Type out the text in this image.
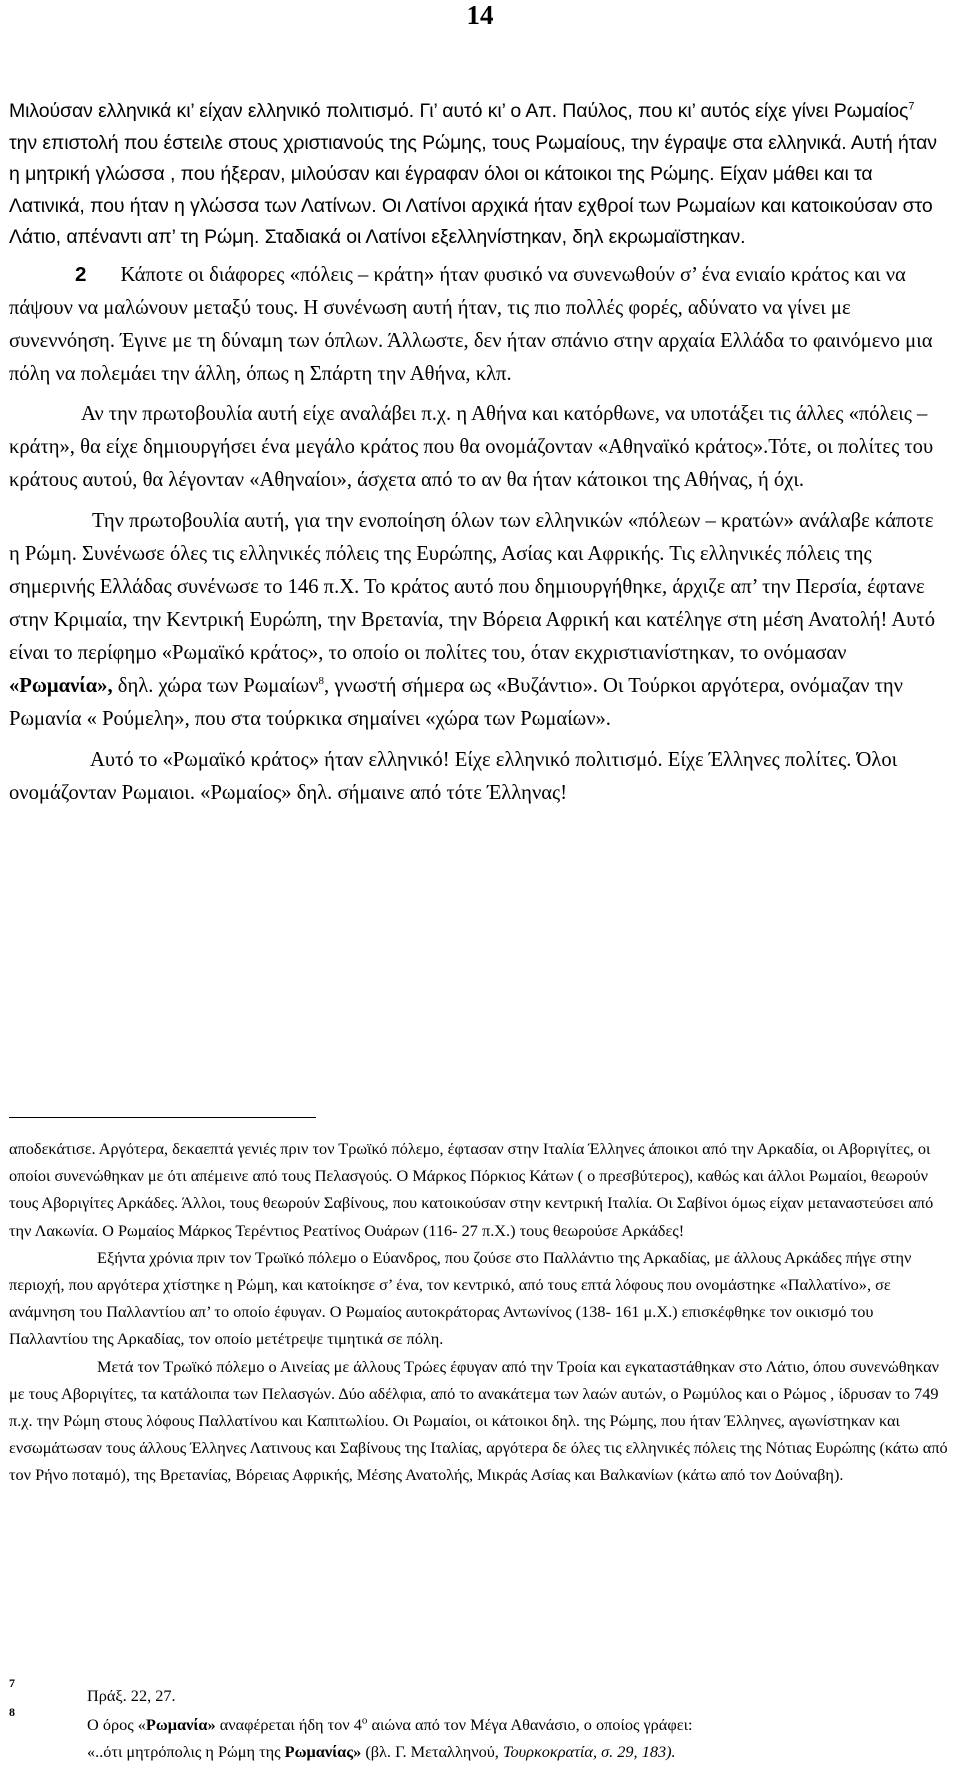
14

Μιλούσαν ελληνικά κι’ είχαν ελληνικό πολιτισμό. Γι’ αυτό κι’ ο Απ. Παύλος, που κι’ αυτός είχε γίνει Ρωμαίος$^7$ την επιστολή που έστειλε στους χριστιανούς της Ρώμης, τους Ρωμαίους, την έγραψε στα ελληνικά. Αυτή ήταν η μητρική γλώσσα , που ήξεραν, μιλούσαν και έγραφαν όλοι οι κάτοικοι της Ρώμης. Είχαν μάθει και τα Λατινικά, που ήταν η γλώσσα των Λατίνων. Οι Λατίνοι αρχικά ήταν εχθροί των Ρωμαίων και κατοικούσαν στο Λάτιο, απέναντι απ’ τη Ρώμη. Σταδιακά οι Λατίνοι εξελληνίστηκαν, δηλ εκρωμαϊστηκαν.

2 Κάποτε οι διάφορες «πόλεις – κράτη» ήταν φυσικό να συνενωθούν σ’ ένα ενιαίο κράτος και να πάψουν να μαλώνουν μεταξύ τους. Η συνένωση αυτή ήταν, τις πιο πολλές φορές, αδύνατο να γίνει με συνεννόηση. Έγινε με τη δύναμη των όπλων. Άλλωστε, δεν ήταν σπάνιο στην αρχαία Ελλάδα το φαινόμενο μια πόλη να πολεμάει την άλλη, όπως η Σπάρτη την Αθήνα, κλπ.

Αν την πρωτοβουλία αυτή είχε αναλάβει π.χ. η Αθήνα και κατόρθωνε, να υποτάξει τις άλλες «πόλεις – κράτη», θα είχε δημιουργήσει ένα μεγάλο κράτος που θα ονομάζονταν «Αθηναϊκό κράτος».Τότε, οι πολίτες του κράτους αυτού, θα λέγονταν «Αθηναίοι», άσχετα από το αν θα ήταν κάτοικοι της Αθήνας, ή όχι.

Την πρωτοβουλία αυτή, για την ενοποίηση όλων των ελληνικών «πόλεων – κρατών» ανάλαβε κάποτε η Ρώμη. Συνένωσε όλες τις ελληνικές πόλεις της Ευρώπης, Ασίας και Αφρικής. Τις ελληνικές πόλεις της σημερινής Ελλάδας συνένωσε το 146 π.Χ. Το κράτος αυτό που δημιουργήθηκε, άρχιζε απ’ την Περσία, έφτανε στην Κριμαία, την Κεντρική Ευρώπη, την Βρετανία, την Βόρεια Αφρική και κατέληγε στη μέση Ανατολή! Αυτό είναι το περίφημο «Ρωμαϊκό κράτος», το οποίο οι πολίτες του, όταν εκχριστιανίστηκαν, το ονόμασαν «Ρωμανία», δηλ. χώρα των Ρωμαίων$^8$, γνωστή σήμερα ως «Βυζάντιο». Οι Τούρκοι αργότερα, ονόμαζαν την Ρωμανία « Ρούμελη», που στα τούρκικα σημαίνει «χώρα των Ρωμαίων».

Αυτό το «Ρωμαϊκό κράτος» ήταν ελληνικό! Είχε ελληνικό πολιτισμό. Είχε Έλληνες πολίτες. Όλοι ονομάζονταν Ρωμαιοι. «Ρωμαίος» δηλ. σήμαινε από τότε Έλληνας!

αποδεκάτισε. Αργότερα, δεκαεπτά γενιές πριν τον Τρωϊκό πόλεμο, έφτασαν στην Ιταλία Έλληνες άποικοι από την Αρκαδία, οι Αβοριγίτες, οι οποίοι συνενώθηκαν με ότι απέμεινε από τους Πελασγούς. Ο Μάρκος Πόρκιος Κάτων ( ο πρεσβύτερος), καθώς και άλλοι Ρωμαίοι, θεωρούν τους Αβοριγίτες Αρκάδες. Άλλοι, τους θεωρούν Σαβίνους, που κατοικούσαν στην κεντρική Ιταλία. Οι Σαβίνοι όμως είχαν μεταναστεύσει από την Λακωνία. Ο Ρωμαίος Μάρκος Τερέντιος Ρεατίνος Ουάρων (116- 27 π.Χ.) τους θεωρούσε Αρκάδες!

Εξήντα χρόνια πριν τον Τρωϊκό πόλεμο ο Εύανδρος, που ζούσε στο Παλλάντιο της Αρκαδίας, με άλλους Αρκάδες πήγε στην περιοχή, που αργότερα χτίστηκε η Ρώμη, και κατοίκησε σ’ ένα, τον κεντρικό, από τους επτά λόφους που ονομάστηκε «Παλλατίνο», σε ανάμνηση του Παλλαντίου απ’ το οποίο έφυγαν. Ο Ρωμαίος αυτοκράτορας Αντωνίνος (138- 161 μ.Χ.) επισκέφθηκε τον οικισμό του Παλλαντίου της Αρκαδίας, τον οποίο μετέτρεψε τιμητικά σε πόλη.

Μετά τον Τρωϊκό πόλεμο ο Αινείας με άλλους Τρώες έφυγαν από την Τροία και εγκαταστάθηκαν στο Λάτιο, όπου συνενώθηκαν με τους Αβοριγίτες, τα κατάλοιπα των Πελασγών. Δύο αδέλφια, από το ανακάτεμα των λαών αυτών, ο Ρωμύλος και ο Ρώμος , ίδρυσαν το 749 π.χ. την Ρώμη στους λόφους Παλλατίνου και Καπιτωλίου. Οι Ρωμαίοι, οι κάτοικοι δηλ. της Ρώμης, που ήταν Έλληνες, αγωνίστηκαν και ενσωμάτωσαν τους άλλους Έλληνες Λατινους και Σαβίνους της Ιταλίας, αργότερα δε όλες τις ελληνικές πόλεις της Νότιας Ευρώπης (κάτω από τον Ρήνο ποταμό), της Βρετανίας, Βόρειας Αφρικής, Μέσης Ανατολής, Μικράς Ασίας και Βαλκανίων (κάτω από τον Δούναβη).

7
Πράξ. 22, 27.
8
Ο όρος «Ρωμανία» αναφέρεται ήδη τον $4^o$ αιώνα από τον Μέγα Αθανάσιο, ο οποίος γράφει:
«..ότι μητρόπολις η Ρώμη της Ρωμανίας» (βλ. Γ. Μεταλληνού, Τουρκοκρατία, σ. 29, 183).
